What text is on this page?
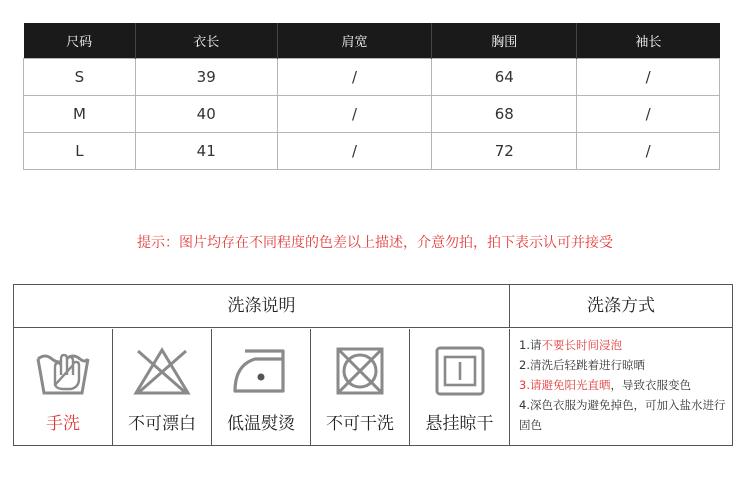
尺码	衣长	肩宽	胸围	袖长
S	39	/	64	/
M	40	/	68	/
L	41	/	72	/
提示：图片均存在不同程度的色差以上描述，介意勿拍，拍下表示认可并接受
洗涤说明	洗涤方式
手洗	不可漂白	低温熨烫	不可干洗	悬挂晾干
1.请不要长时间浸泡
2.清洗后轻跳着进行晾晒
3.请避免阳光直晒，导致衣服变色
4.深色衣服为避免掉色，可加入盐水进行固色
